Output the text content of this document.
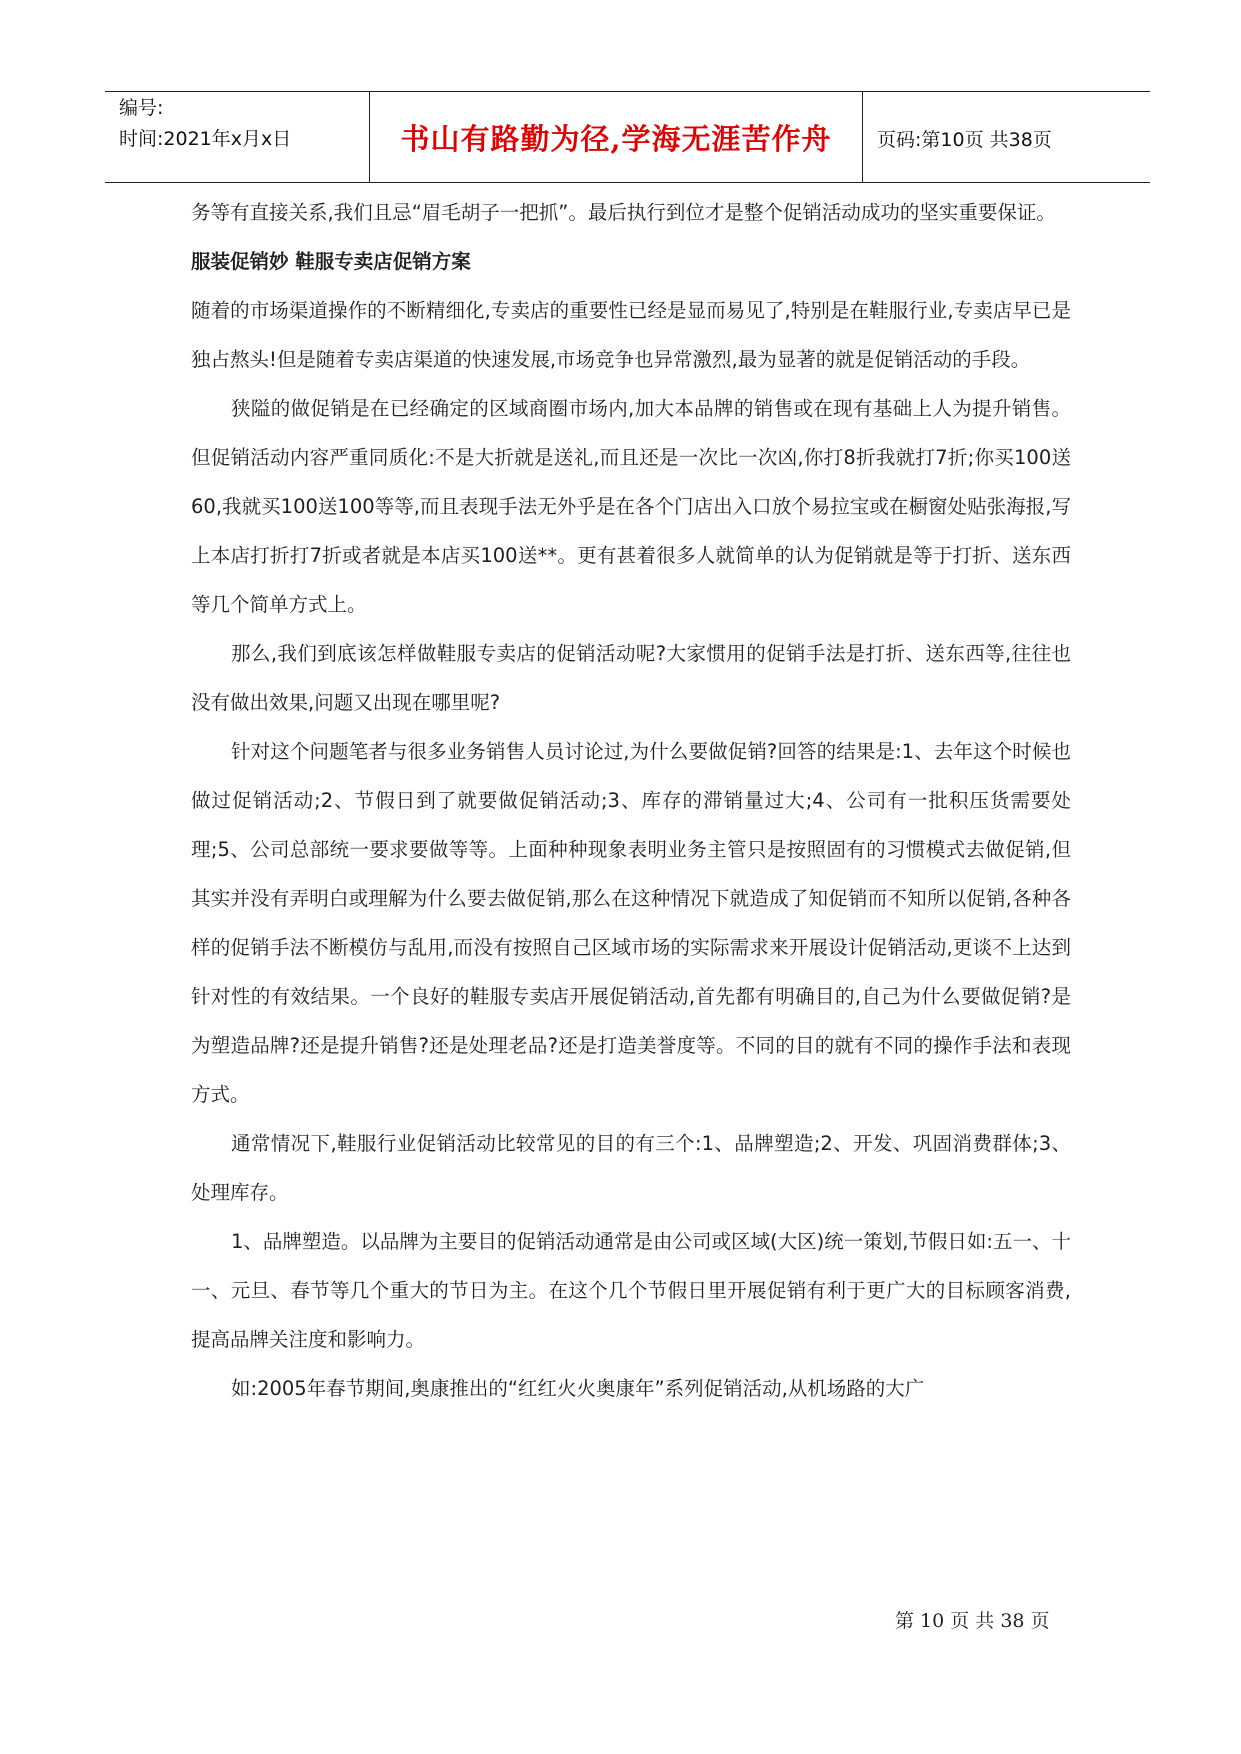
编号:
时间:2021年x月x日	书山有路勤为径,学海无涯苦作舟	页码:第10页 共38页

务等有直接关系,我们且忌“眉毛胡子一把抓”。最后执行到位才是整个促销活动成功的坚实重要保证。

服装促销妙 鞋服专卖店促销方案

随着的市场渠道操作的不断精细化,专卖店的重要性已经是显而易见了,特别是在鞋服行业,专卖店早已是独占熬头!但是随着专卖店渠道的快速发展,市场竞争也异常激烈,最为显著的就是促销活动的手段。

狭隘的做促销是在已经确定的区域商圈市场内,加大本品牌的销售或在现有基础上人为提升销售。但促销活动内容严重同质化:不是大折就是送礼,而且还是一次比一次凶,你打8折我就打7折;你买100送60,我就买100送100等等,而且表现手法无外乎是在各个门店出入口放个易拉宝或在橱窗处贴张海报,写上本店打折打7折或者就是本店买100送**。更有甚着很多人就简单的认为促销就是等于打折、送东西等几个简单方式上。

那么,我们到底该怎样做鞋服专卖店的促销活动呢?大家惯用的促销手法是打折、送东西等,往往也没有做出效果,问题又出现在哪里呢?

针对这个问题笔者与很多业务销售人员讨论过,为什么要做促销?回答的结果是:1、去年这个时候也做过促销活动;2、节假日到了就要做促销活动;3、库存的滞销量过大;4、公司有一批积压货需要处理;5、公司总部统一要求要做等等。上面种种现象表明业务主管只是按照固有的习惯模式去做促销,但其实并没有弄明白或理解为什么要去做促销,那么在这种情况下就造成了知促销而不知所以促销,各种各样的促销手法不断模仿与乱用,而没有按照自己区域市场的实际需求来开展设计促销活动,更谈不上达到针对性的有效结果。一个良好的鞋服专卖店开展促销活动,首先都有明确目的,自己为什么要做促销?是为塑造品牌?还是提升销售?还是处理老品?还是打造美誉度等。不同的目的就有不同的操作手法和表现方式。

通常情况下,鞋服行业促销活动比较常见的目的有三个:1、品牌塑造;2、开发、巩固消费群体;3、处理库存。

1、品牌塑造。以品牌为主要目的促销活动通常是由公司或区域(大区)统一策划,节假日如:五一、十一、元旦、春节等几个重大的节日为主。在这个几个节假日里开展促销有利于更广大的目标顾客消费,提高品牌关注度和影响力。

如:2005年春节期间,奥康推出的“红红火火奥康年”系列促销活动,从机场路的大广

第 10 页 共 38 页
